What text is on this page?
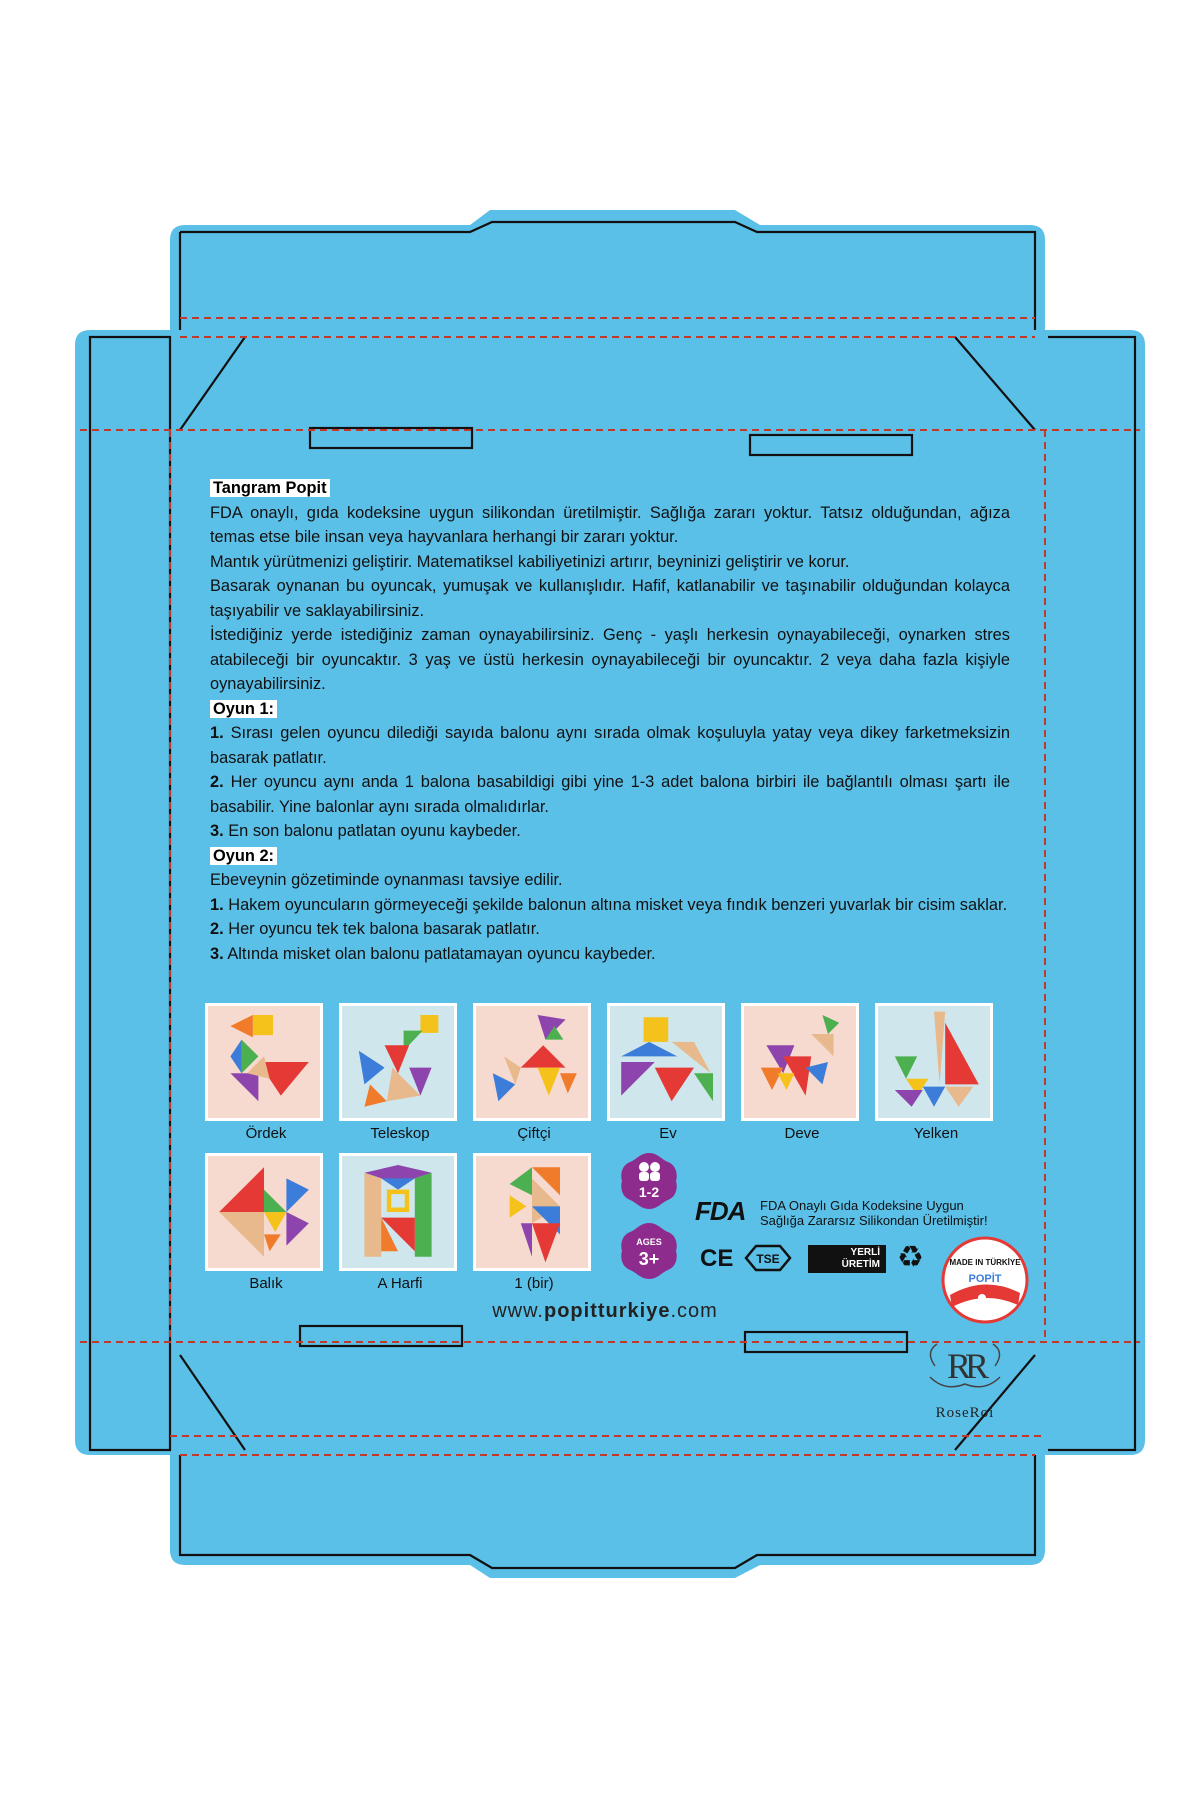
Tangram Popit

FDA onaylı, gıda kodeksine uygun silikondan üretilmiştir. Sağlığa zararı yoktur. Tatsız olduğundan, ağıza temas etse bile insan veya hayvanlara herhangi bir zararı yoktur.

Mantık yürütmenizi geliştirir. Matematiksel kabiliyetinizi artırır, beyninizi geliştirir ve korur.

Basarak oynanan bu oyuncak, yumuşak ve kullanışlıdır. Hafif, katlanabilir ve taşınabilir olduğundan kolayca taşıyabilir ve saklayabilirsiniz.

İstediğiniz yerde istediğiniz zaman oynayabilirsiniz. Genç - yaşlı herkesin oynayabileceği, oynarken stres atabileceği bir oyuncaktır. 3 yaş ve üstü herkesin oynayabileceği bir oyuncaktır. 2 veya daha fazla kişiyle oynayabilirsiniz.

Oyun 1:

1. Sırası gelen oyuncu dilediği sayıda balonu aynı sırada olmak koşuluyla yatay veya dikey farketmeksizin basarak patlatır.

2. Her oyuncu aynı anda 1 balona basabildigi gibi yine 1-3 adet balona birbiri ile bağlantılı olması şartı ile basabilir. Yine balonlar aynı sırada olmalıdırlar.

3. En son balonu patlatan oyunu kaybeder.

Oyun 2:

Ebeveynin gözetiminde oynanması tavsiye edilir.

1. Hakem oyuncuların görmeyeceği şekilde balonun altına misket veya fındık benzeri yuvarlak bir cisim saklar.

2. Her oyuncu tek tek balona basarak patlatır.

3. Altında misket olan balonu patlatamayan oyuncu kaybeder.

Ördek	Teleskop	Çiftçi	Ev	Deve	Yelken
Balık	A Harfi	1 (bir)
1-2
AGES
3+
FDA FDA Onaylı Gıda Kodeksine Uygun
Sağlığa Zararsız Silikondan Üretilmiştir!
CE TSE	YERLİ
ÜRETİM ♻	MADE IN TÜRKİYE
POPİT
www.popitturkiye.com
RR
RoseRoi
